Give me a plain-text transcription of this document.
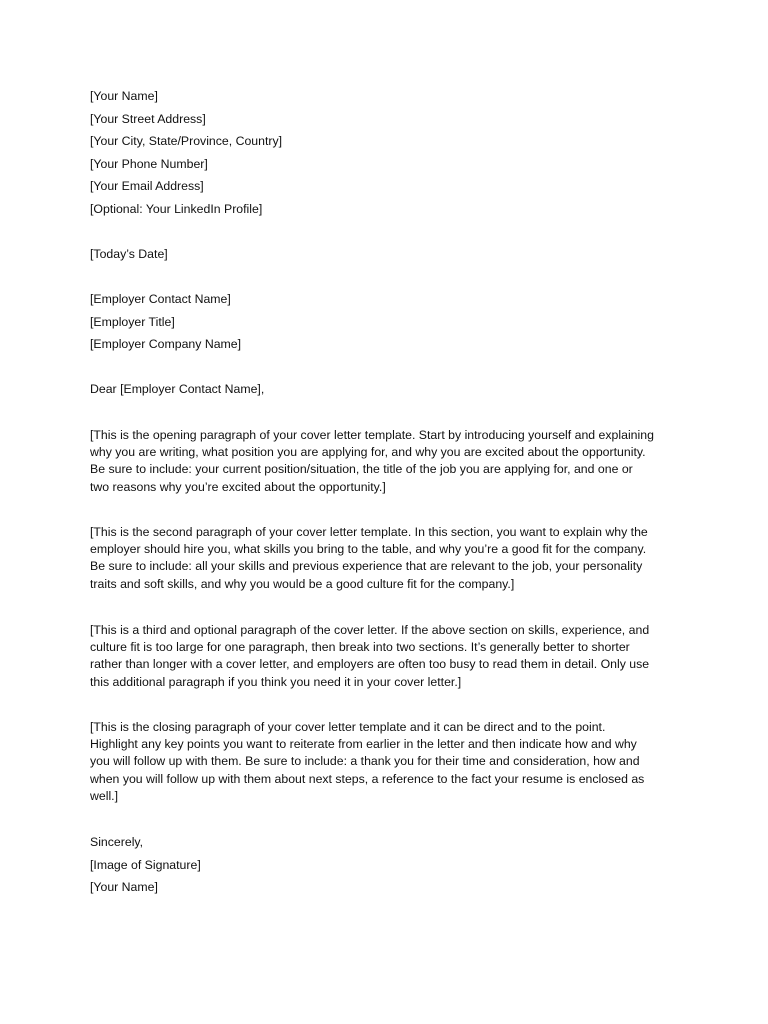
[Your Name]
[Your Street Address]
[Your City, State/Province, Country]
[Your Phone Number]
[Your Email Address]
[Optional: Your LinkedIn Profile]
[Today’s Date]
[Employer Contact Name]
[Employer Title]
[Employer Company Name]
Dear [Employer Contact Name],
[This is the opening paragraph of your cover letter template. Start by introducing yourself and explaining
why you are writing, what position you are applying for, and why you are excited about the opportunity.
Be sure to include: your current position/situation, the title of the job you are applying for, and one or
two reasons why you’re excited about the opportunity.]
[This is the second paragraph of your cover letter template. In this section, you want to explain why the
employer should hire you, what skills you bring to the table, and why you’re a good fit for the company.
Be sure to include: all your skills and previous experience that are relevant to the job, your personality
traits and soft skills, and why you would be a good culture fit for the company.]
[This is a third and optional paragraph of the cover letter. If the above section on skills, experience, and
culture fit is too large for one paragraph, then break into two sections. It’s generally better to shorter
rather than longer with a cover letter, and employers are often too busy to read them in detail. Only use
this additional paragraph if you think you need it in your cover letter.]
[This is the closing paragraph of your cover letter template and it can be direct and to the point.
Highlight any key points you want to reiterate from earlier in the letter and then indicate how and why
you will follow up with them. Be sure to include: a thank you for their time and consideration, how and
when you will follow up with them about next steps, a reference to the fact your resume is enclosed as
well.]
Sincerely,
[Image of Signature]
[Your Name]
